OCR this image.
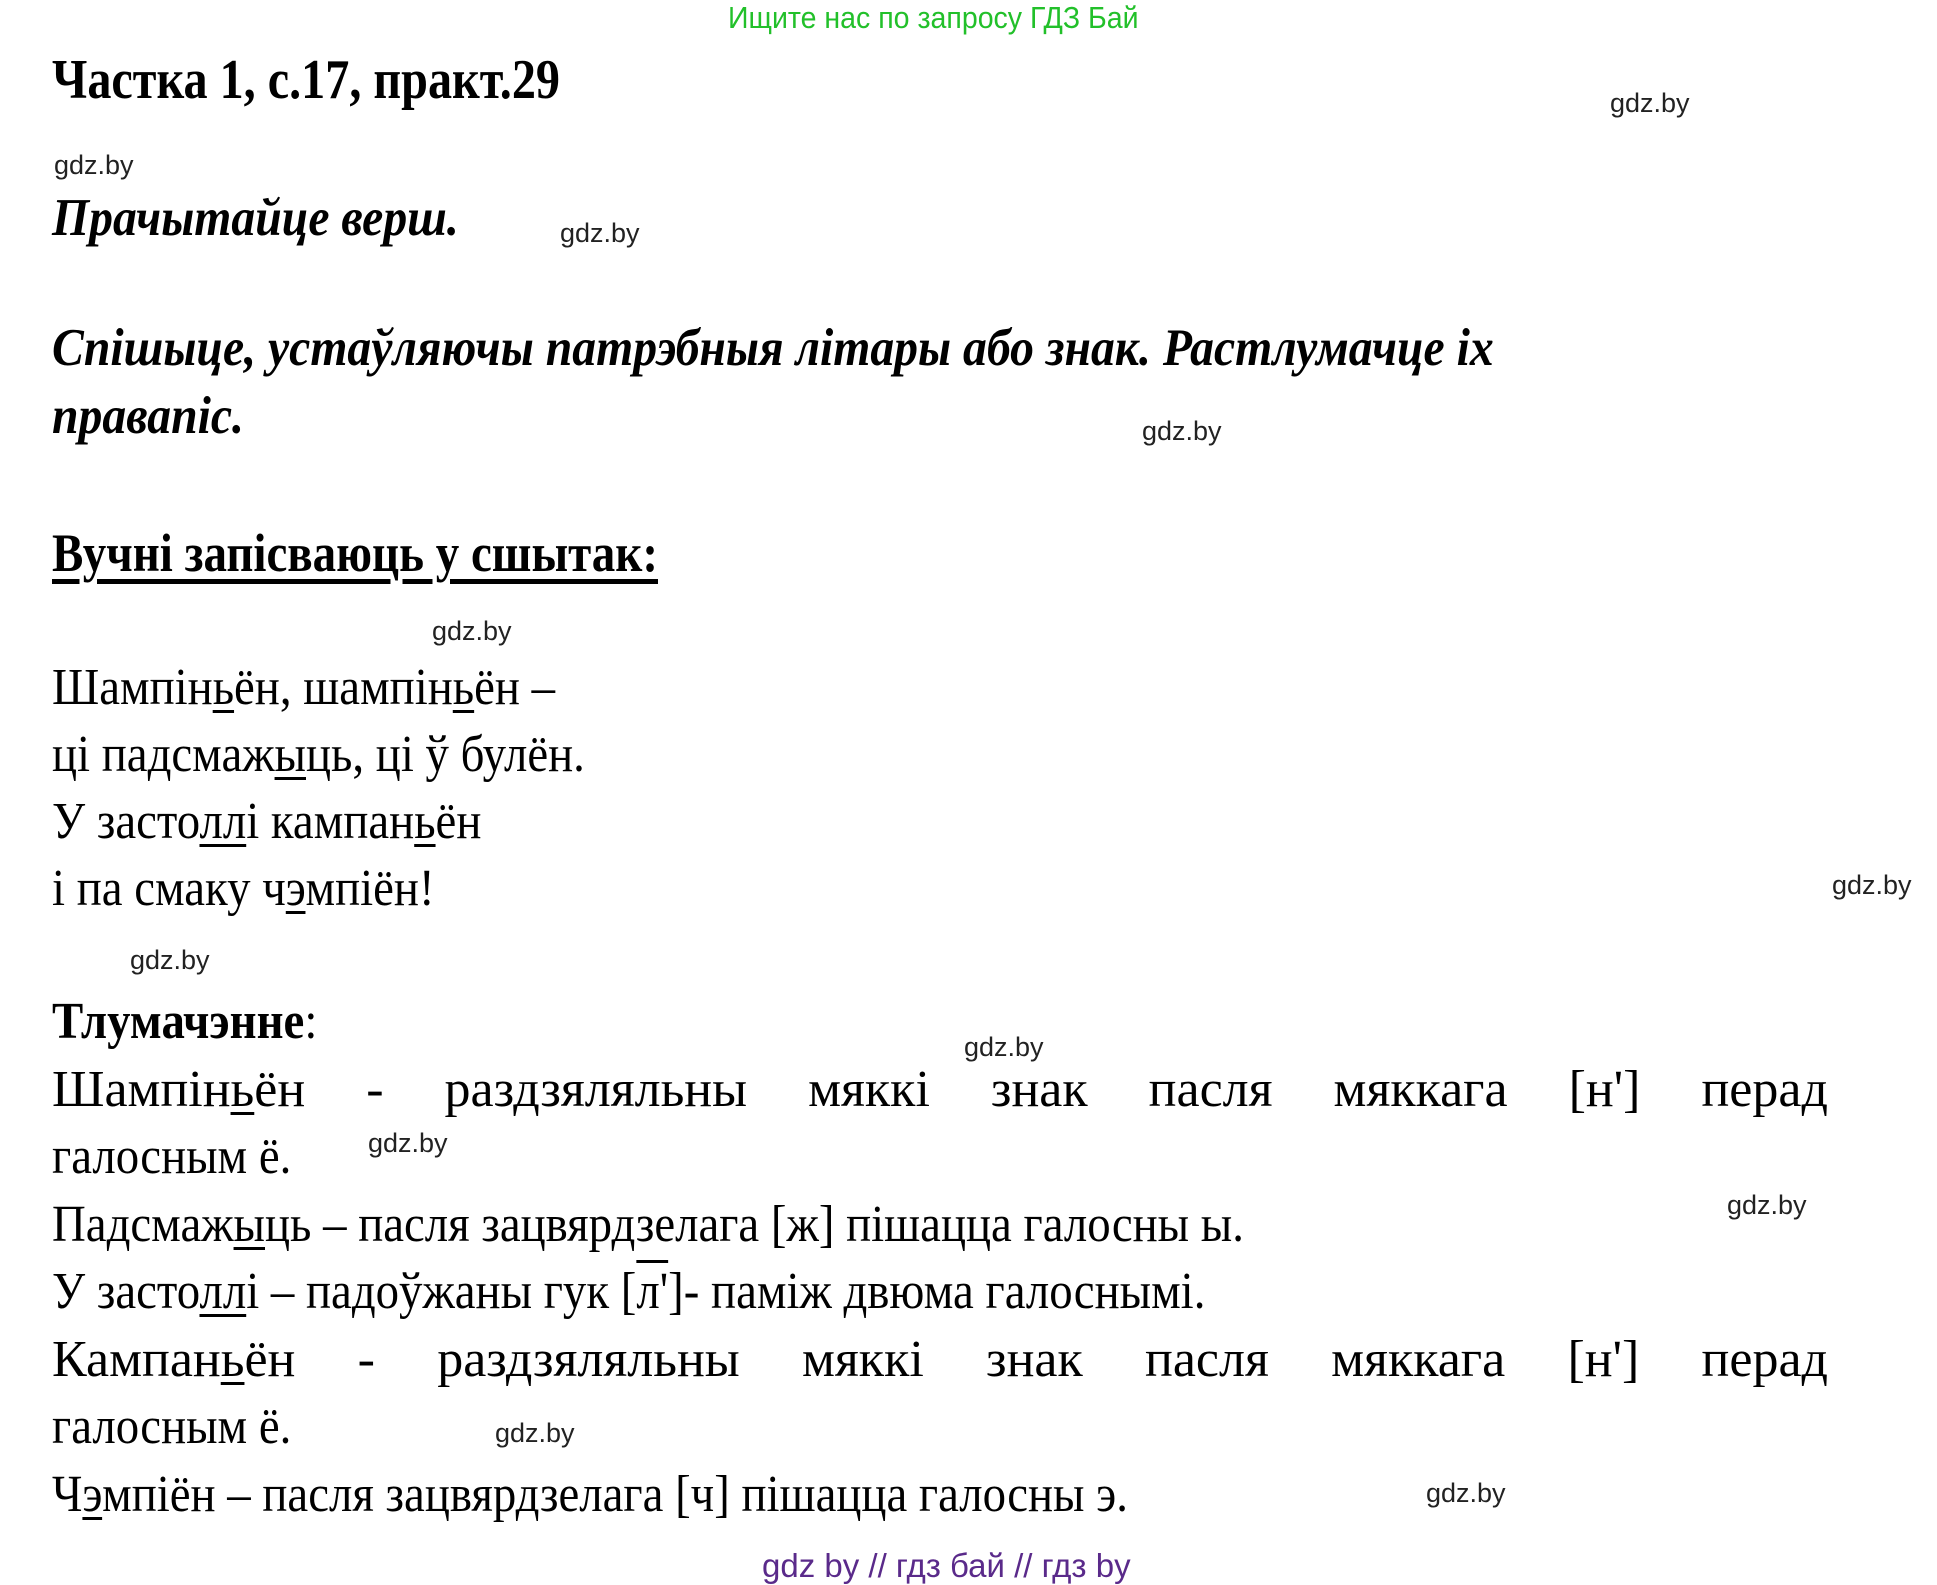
Ищите нас по запросу ГДЗ Бай
Частка 1, с.17, практ.29
Прачытайце верш.
Спішыце, устаўляючы патрэбныя літары або знак. Растлумачце іх
правапіс.
Вучні запісваюць у сшытак:
Шампіньён, шампіньён –
ці падсмажыць, ці ў булён.
У застоллі кампаньён
і па смаку чэмпіён!
Тлумачэнне:
Шампіньён - раздзяляльны мяккі знак пасля мяккага [н'] перад
галосным ё.
Падсмажыць – пасля зацвярдзелага [ж] пішацца галосны ы.
У застоллі – падоўжаны гук [л']- паміж двюма галоснымі.
Кампаньён - раздзяляльны мяккі знак пасля мяккага [н'] перад
галосным ё.
Чэмпіён – пасля зацвярдзелага [ч] пішацца галосны э.
gdz.by
gdz.by
gdz.by
gdz.by
gdz.by
gdz.by
gdz.by
gdz.by
gdz.by
gdz.by
gdz.by
gdz.by
gdz by // гдз бай // гдз by
